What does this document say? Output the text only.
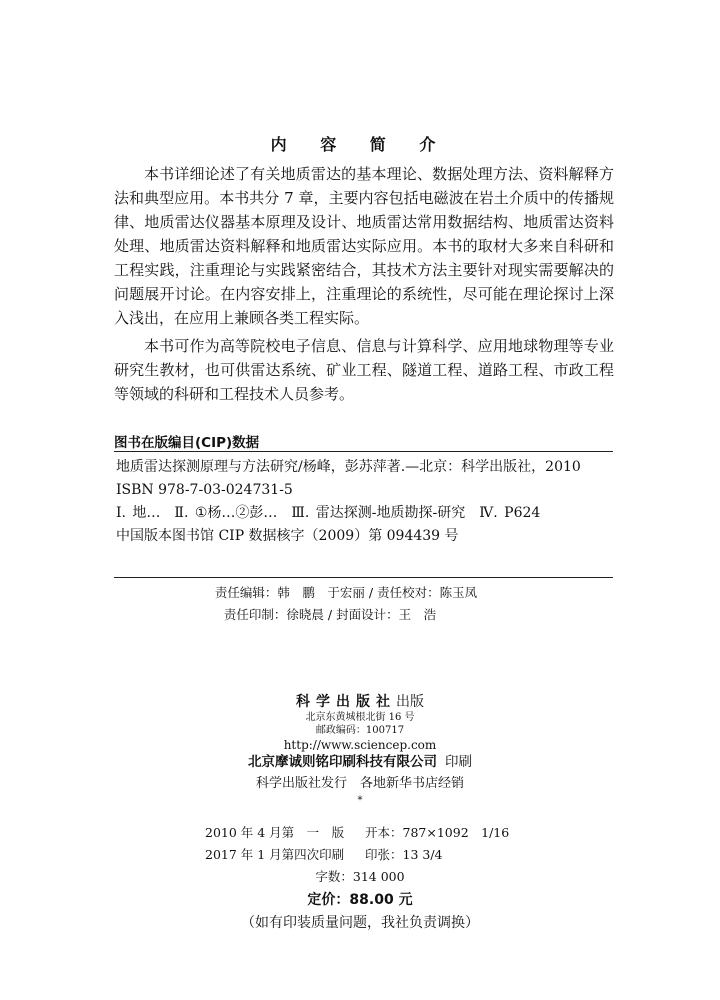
内 容 简 介

本书详细论述了有关地质雷达的基本理论、数据处理方法、资料解释方法和典型应用。本书共分 7 章，主要内容包括电磁波在岩土介质中的传播规律、地质雷达仪器基本原理及设计、地质雷达常用数据结构、地质雷达资料处理、地质雷达资料解释和地质雷达实际应用。本书的取材大多来自科研和工程实践，注重理论与实践紧密结合，其技术方法主要针对现实需要解决的问题展开讨论。在内容安排上，注重理论的系统性，尽可能在理论探讨上深入浅出，在应用上兼顾各类工程实际。

本书可作为高等院校电子信息、信息与计算科学、应用地球物理等专业研究生教材，也可供雷达系统、矿业工程、隧道工程、道路工程、市政工程等领域的科研和工程技术人员参考。

图书在版编目(CIP)数据
地质雷达探测原理与方法研究/杨峰，彭苏萍著.—北京：科学出版社，2010
ISBN 978-7-03-024731-5
Ⅰ. 地…　Ⅱ. ①杨…②彭…　Ⅲ. 雷达探测-地质勘探-研究　Ⅳ. P624
中国版本图书馆 CIP 数据核字（2009）第 094439 号
责任编辑：韩　鹏　于宏丽 / 责任校对：陈玉凤
责任印制：徐晓晨 / 封面设计：王　浩
科学出版社出版
北京东黄城根北街 16 号
邮政编码：100717
http://www.sciencep.com
北京摩诚则铭印刷科技有限公司 印刷
科学出版社发行　各地新华书店经销
*
2010 年 4 月第　一　版 开本：787×1092　1/16
2017 年 1 月第四次印刷 印张：13 3/4
字数：314 000
定价：88.00 元
（如有印装质量问题，我社负责调换）
